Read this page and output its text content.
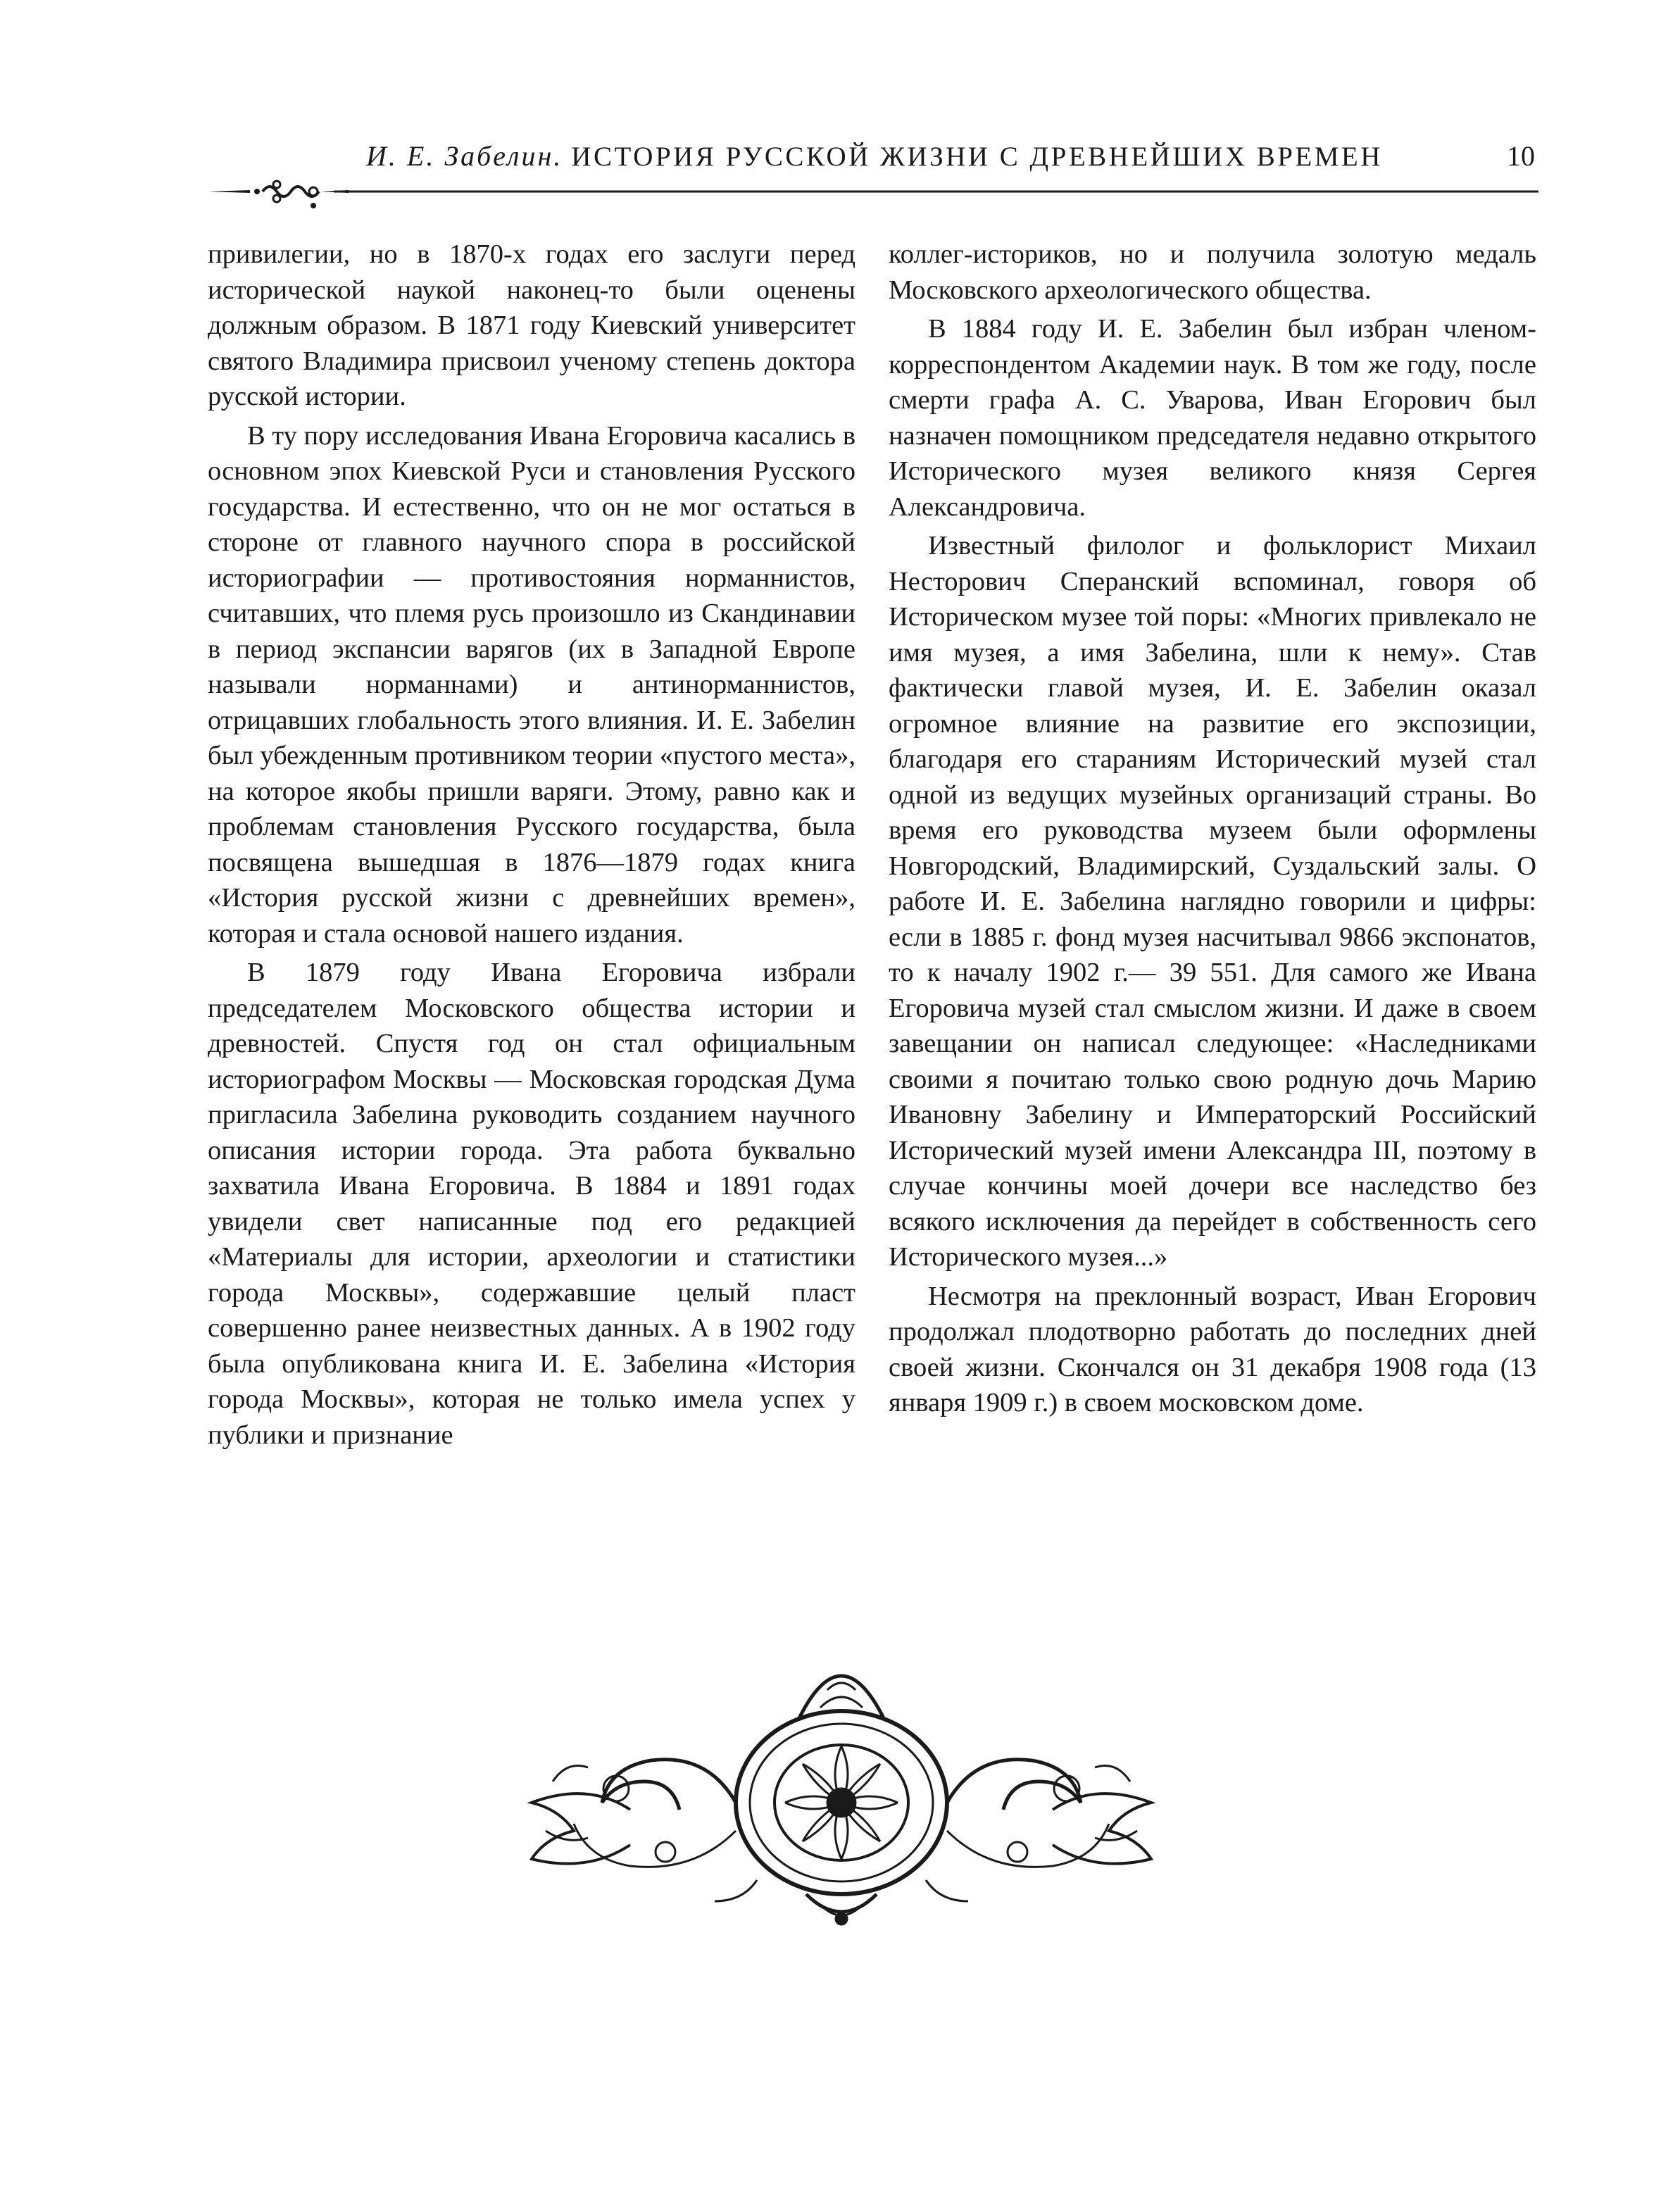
И. Е. Забелин. ИСТОРИЯ РУССКОЙ ЖИЗНИ С ДРЕВНЕЙШИХ ВРЕМЕН	10

привилегии, но в 1870-х годах его заслуги перед исторической наукой наконец-то были оценены должным образом. В 1871 году Киевский университет святого Владимира присвоил ученому степень доктора русской истории.

В ту пору исследования Ивана Егоровича касались в основном эпох Киевской Руси и становления Русского государства. И естественно, что он не мог остаться в стороне от главного научного спора в российской историографии — противостояния норманнистов, считавших, что племя русь произошло из Скандинавии в период экспансии варягов (их в Западной Европе называли норманнами) и антинорманнистов, отрицавших глобальность этого влияния. И. Е. Забелин был убежденным противником теории «пустого места», на которое якобы пришли варяги. Этому, равно как и проблемам становления Русского государства, была посвящена вышедшая в 1876—1879 годах книга «История русской жизни с древнейших времен», которая и стала основой нашего издания.

В 1879 году Ивана Егоровича избрали председателем Московского общества истории и древностей. Спустя год он стал официальным историографом Москвы — Московская городская Дума пригласила Забелина руководить созданием научного описания истории города. Эта работа буквально захватила Ивана Егоровича. В 1884 и 1891 годах увидели свет написанные под его редакцией «Материалы для истории, археологии и статистики города Москвы», содержавшие целый пласт совершенно ранее неизвестных данных. А в 1902 году была опубликована книга И. Е. Забелина «История города Москвы», которая не только имела успех у публики и признание

коллег-историков, но и получила золотую медаль Московского археологического общества.

В 1884 году И. Е. Забелин был избран членом-корреспондентом Академии наук. В том же году, после смерти графа А. С. Уварова, Иван Егорович был назначен помощником председателя недавно открытого Исторического музея великого князя Сергея Александровича.

Известный филолог и фольклорист Михаил Несторович Сперанский вспоминал, говоря об Историческом музее той поры: «Многих привлекало не имя музея, а имя Забелина, шли к нему». Став фактически главой музея, И. Е. Забелин оказал огромное влияние на развитие его экспозиции, благодаря его стараниям Исторический музей стал одной из ведущих музейных организаций страны. Во время его руководства музеем были оформлены Новгородский, Владимирский, Суздальский залы. О работе И. Е. Забелина наглядно говорили и цифры: если в 1885 г. фонд музея насчитывал 9866 экспонатов, то к началу 1902 г.— 39 551. Для самого же Ивана Егоровича музей стал смыслом жизни. И даже в своем завещании он написал следующее: «Наследниками своими я почитаю только свою родную дочь Марию Ивановну Забелину и Императорский Российский Исторический музей имени Александра III, поэтому в случае кончины моей дочери все наследство без всякого исключения да перейдет в собственность сего Исторического музея...»

Несмотря на преклонный возраст, Иван Егорович продолжал плодотворно работать до последних дней своей жизни. Скончался он 31 декабря 1908 года (13 января 1909 г.) в своем московском доме.
